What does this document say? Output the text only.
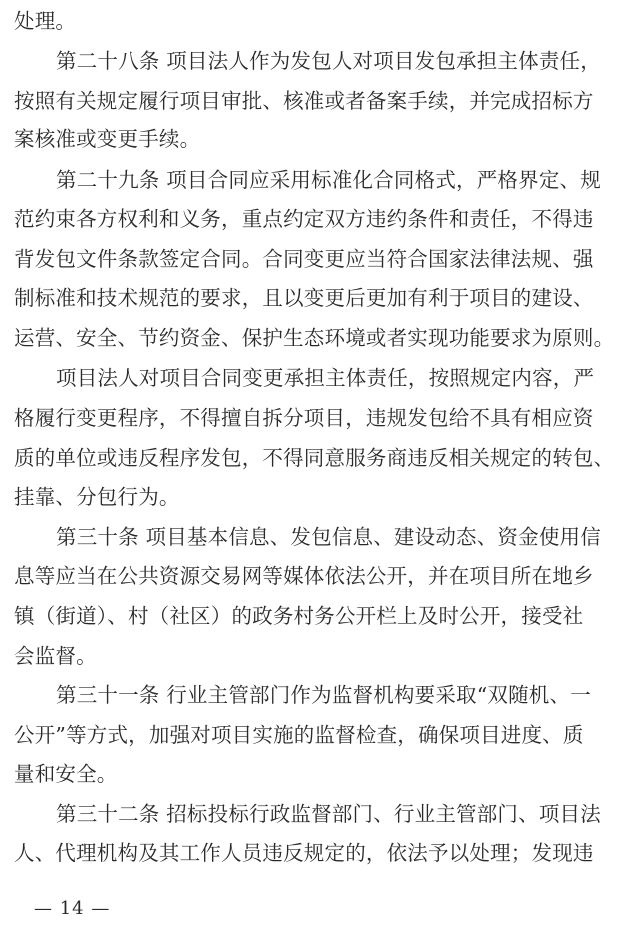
处理。
第二十八条 项目法人作为发包人对项目发包承担主体责任，
按照有关规定履行项目审批、核准或者备案手续，并完成招标方
案核准或变更手续。
第二十九条 项目合同应采用标准化合同格式，严格界定、规
范约束各方权利和义务，重点约定双方违约条件和责任，不得违
背发包文件条款签定合同。合同变更应当符合国家法律法规、强
制标准和技术规范的要求，且以变更后更加有利于项目的建设、
运营、安全、节约资金、保护生态环境或者实现功能要求为原则。
项目法人对项目合同变更承担主体责任，按照规定内容，严
格履行变更程序，不得擅自拆分项目，违规发包给不具有相应资
质的单位或违反程序发包，不得同意服务商违反相关规定的转包、
挂靠、分包行为。
第三十条 项目基本信息、发包信息、建设动态、资金使用信
息等应当在公共资源交易网等媒体依法公开，并在项目所在地乡
镇（街道）、村（社区）的政务村务公开栏上及时公开，接受社
会监督。
第三十一条 行业主管部门作为监督机构要采取“双随机、一
公开”等方式，加强对项目实施的监督检查，确保项目进度、质
量和安全。
第三十二条 招标投标行政监督部门、行业主管部门、项目法
人、代理机构及其工作人员违反规定的，依法予以处理；发现违
— 14 —
